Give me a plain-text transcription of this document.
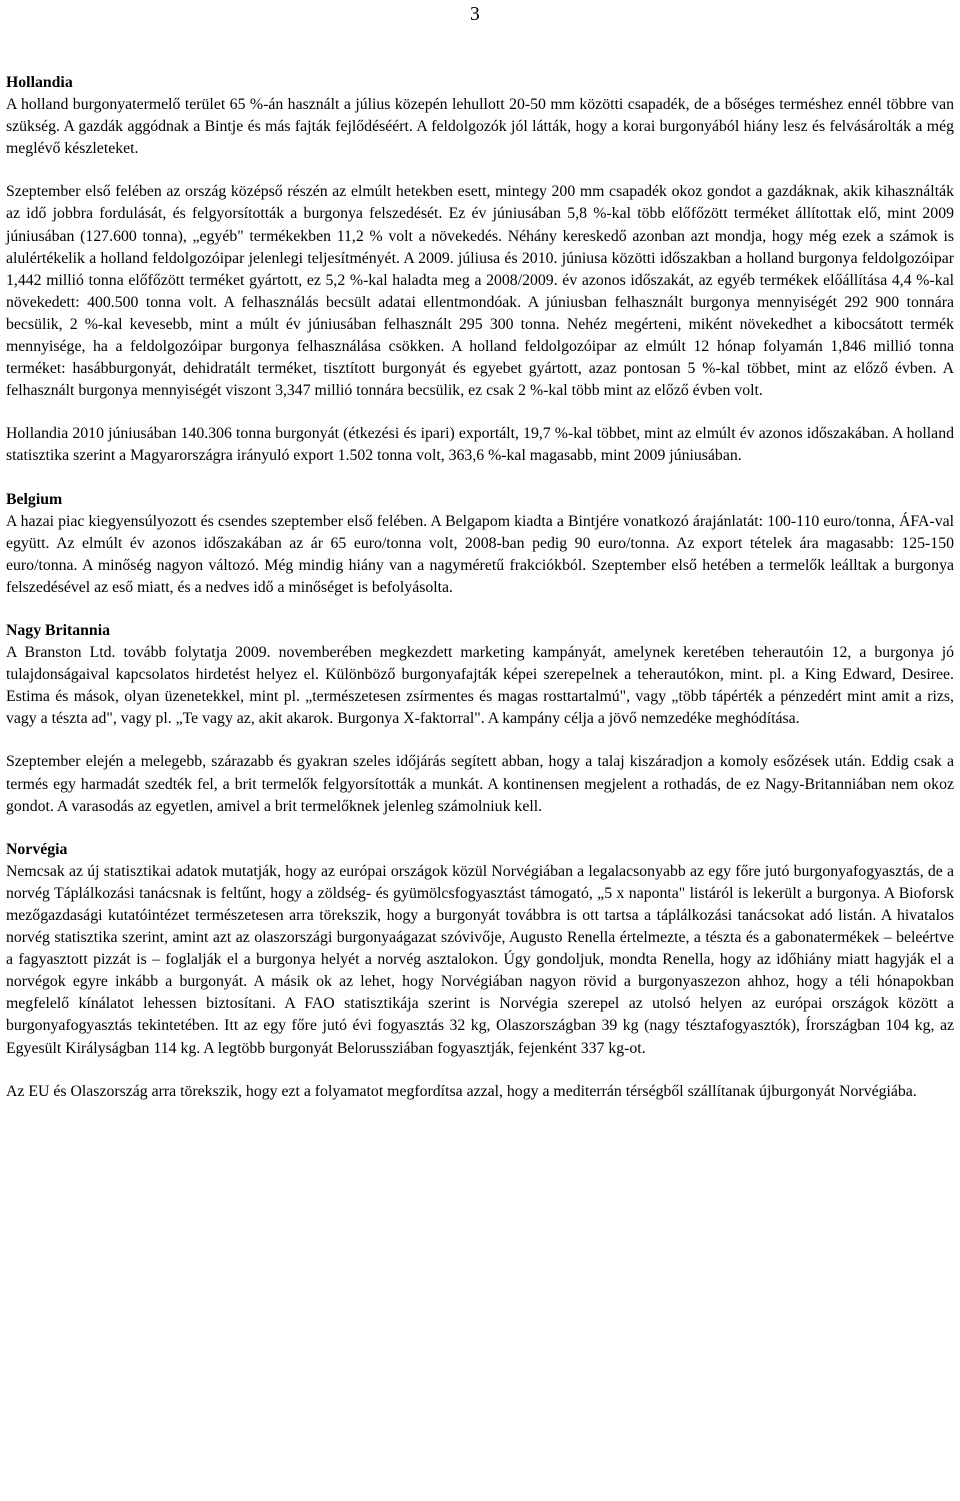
3
Hollandia

A holland burgonyatermelő terület 65 %-án használt a július közepén lehullott 20-50 mm közötti csapadék, de a bőséges terméshez ennél többre van szükség. A gazdák aggódnak a Bintje és más fajták fejlődéséért. A feldolgozók jól látták, hogy a korai burgonyából hiány lesz és felvásárolták a még meglévő készleteket.

Szeptember első felében az ország középső részén az elmúlt hetekben esett, mintegy 200 mm csapadék okoz gondot a gazdáknak, akik kihasználták az idő jobbra fordulását, és felgyorsították a burgonya felszedését. Ez év júniusában 5,8 %-kal több előfőzött terméket állítottak elő, mint 2009 júniusában (127.600 tonna), „egyéb" termékekben 11,2 % volt a növekedés. Néhány kereskedő azonban azt mondja, hogy még ezek a számok is alulértékelik a holland feldolgozóipar jelenlegi teljesítményét. A 2009. júliusa és 2010. júniusa közötti időszakban a holland burgonya feldolgozóipar 1,442 millió tonna előfőzött terméket gyártott, ez 5,2 %-kal haladta meg a 2008/2009. év azonos időszakát, az egyéb termékek előállítása 4,4 %-kal növekedett: 400.500 tonna volt. A felhasználás becsült adatai ellentmondóak. A júniusban felhasznált burgonya mennyiségét 292 900 tonnára becsülik, 2 %-kal kevesebb, mint a múlt év júniusában felhasznált 295 300 tonna. Nehéz megérteni, miként növekedhet a kibocsátott termék mennyisége, ha a feldolgozóipar burgonya felhasználása csökken. A holland feldolgozóipar az elmúlt 12 hónap folyamán 1,846 millió tonna terméket: hasábburgonyát, dehidratált terméket, tisztított burgonyát és egyebet gyártott, azaz pontosan 5 %-kal többet, mint az előző évben. A felhasznált burgonya mennyiségét viszont 3,347 millió tonnára becsülik, ez csak 2 %-kal több mint az előző évben volt.

Hollandia 2010 júniusában 140.306 tonna burgonyát (étkezési és ipari) exportált, 19,7 %-kal többet, mint az elmúlt év azonos időszakában. A holland statisztika szerint a Magyarországra irányuló export 1.502 tonna volt, 363,6 %-kal magasabb, mint 2009 júniusában.

Belgium

A hazai piac kiegyensúlyozott és csendes szeptember első felében. A Belgapom kiadta a Bintjére vonatkozó árajánlatát: 100-110 euro/tonna, ÁFA-val együtt. Az elmúlt év azonos időszakában az ár 65 euro/tonna volt, 2008-ban pedig 90 euro/tonna. Az export tételek ára magasabb: 125-150 euro/tonna. A minőség nagyon változó. Még mindig hiány van a nagyméretű frakciókból. Szeptember első hetében a termelők leálltak a burgonya felszedésével az eső miatt, és a nedves idő a minőséget is befolyásolta.

Nagy Britannia

A Branston Ltd. tovább folytatja 2009. novemberében megkezdett marketing kampányát, amelynek keretében teherautóin 12, a burgonya jó tulajdonságaival kapcsolatos hirdetést helyez el. Különböző burgonyafajták képei szerepelnek a teherautókon, mint. pl. a King Edward, Desiree. Estima és mások, olyan üzenetekkel, mint pl. „természetesen zsírmentes és magas rosttartalmú", vagy „több tápérték a pénzedért mint amit a rizs, vagy a tészta ad", vagy pl. „Te vagy az, akit akarok. Burgonya X-faktorral". A kampány célja a jövő nemzedéke meghódítása.

Szeptember elején a melegebb, szárazabb és gyakran szeles időjárás segített abban, hogy a talaj kiszáradjon a komoly esőzések után. Eddig csak a termés egy harmadát szedték fel, a brit termelők felgyorsították a munkát. A kontinensen megjelent a rothadás, de ez Nagy-Britanniában nem okoz gondot. A varasodás az egyetlen, amivel a brit termelőknek jelenleg számolniuk kell.

Norvégia

Nemcsak az új statisztikai adatok mutatják, hogy az európai országok közül Norvégiában a legalacsonyabb az egy főre jutó burgonyafogyasztás, de a norvég Táplálkozási tanácsnak is feltűnt, hogy a zöldség- és gyümölcsfogyasztást támogató, „5 x naponta" listáról is lekerült a burgonya. A Bioforsk mezőgazdasági kutatóintézet természetesen arra törekszik, hogy a burgonyát továbbra is ott tartsa a táplálkozási tanácsokat adó listán. A hivatalos norvég statisztika szerint, amint azt az olaszországi burgonyaágazat szóvivője, Augusto Renella értelmezte, a tészta és a gabonatermékek – beleértve a fagyasztott pizzát is – foglalják el a burgonya helyét a norvég asztalokon. Úgy gondoljuk, mondta Renella, hogy az időhiány miatt hagyják el a norvégok egyre inkább a burgonyát. A másik ok az lehet, hogy Norvégiában nagyon rövid a burgonyaszezon ahhoz, hogy a téli hónapokban megfelelő kínálatot lehessen biztosítani. A FAO statisztikája szerint is Norvégia szerepel az utolsó helyen az európai országok között a burgonyafogyasztás tekintetében. Itt az egy főre jutó évi fogyasztás 32 kg, Olaszországban 39 kg (nagy tésztafogyasztók), Írországban 104 kg, az Egyesült Királyságban 114 kg. A legtöbb burgonyát Belorussziában fogyasztják, fejenként 337 kg-ot.

Az EU és Olaszország arra törekszik, hogy ezt a folyamatot megfordítsa azzal, hogy a mediterrán térségből szállítanak újburgonyát Norvégiába.
